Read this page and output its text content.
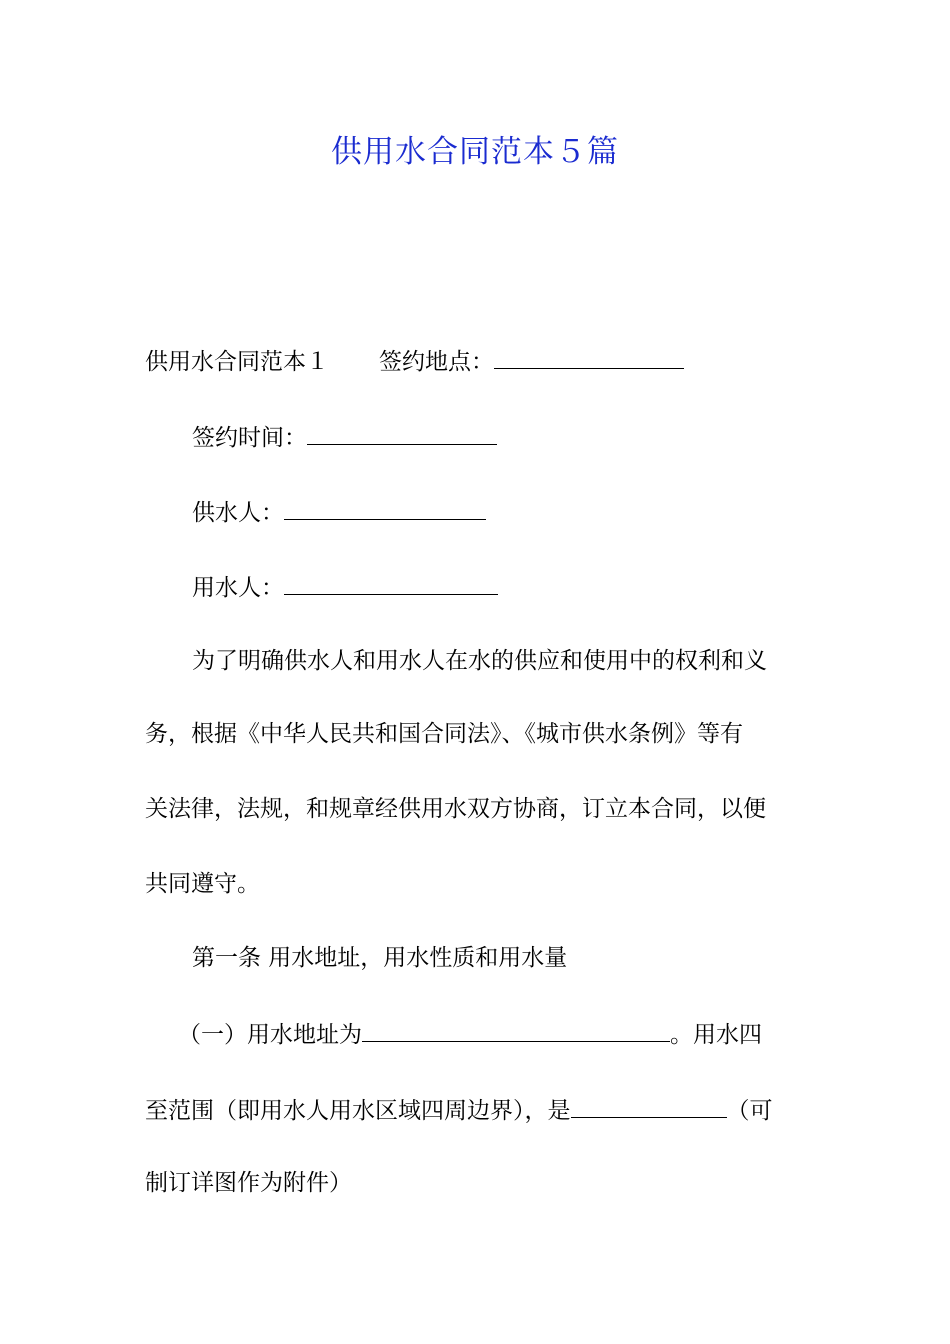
供用水合同范本５篇
供用水合同范本１ 签约地点：
签约时间：
供水人：
用水人：
为了明确供水人和用水人在水的供应和使用中的权利和义
务，根据《中华人民共和国合同法》、《城市供水条例》等有
关法律，法规，和规章经供用水双方协商，订立本合同，以便
共同遵守。
第一条 用水地址，用水性质和用水量
（一）用水地址为	。用水四
至范围（即用水人用水区域四周边界），是	（可
制订详图作为附件）
